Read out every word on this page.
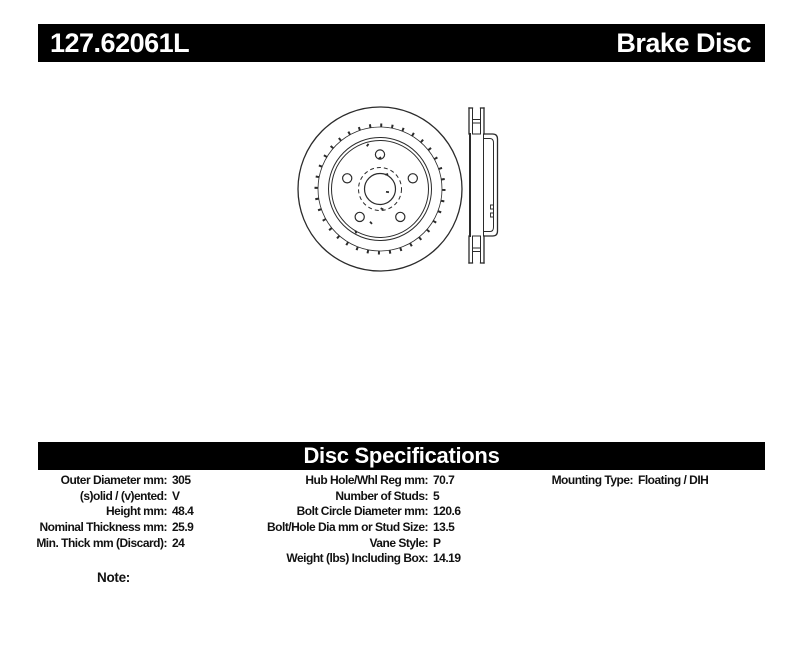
127.62061L	Brake Disc
Disc Specifications
Outer Diameter mm: 305
(s)olid / (v)ented: V
Height mm: 48.4
Nominal Thickness mm: 25.9
Min. Thick mm (Discard): 24
Hub Hole/Whl Reg mm: 70.7
Number of Studs: 5
Bolt Circle Diameter mm: 120.6
Bolt/Hole Dia mm or Stud Size: 13.5
Vane Style: P
Weight (lbs) Including Box: 14.19
Mounting Type: Floating / DIH
Note:
